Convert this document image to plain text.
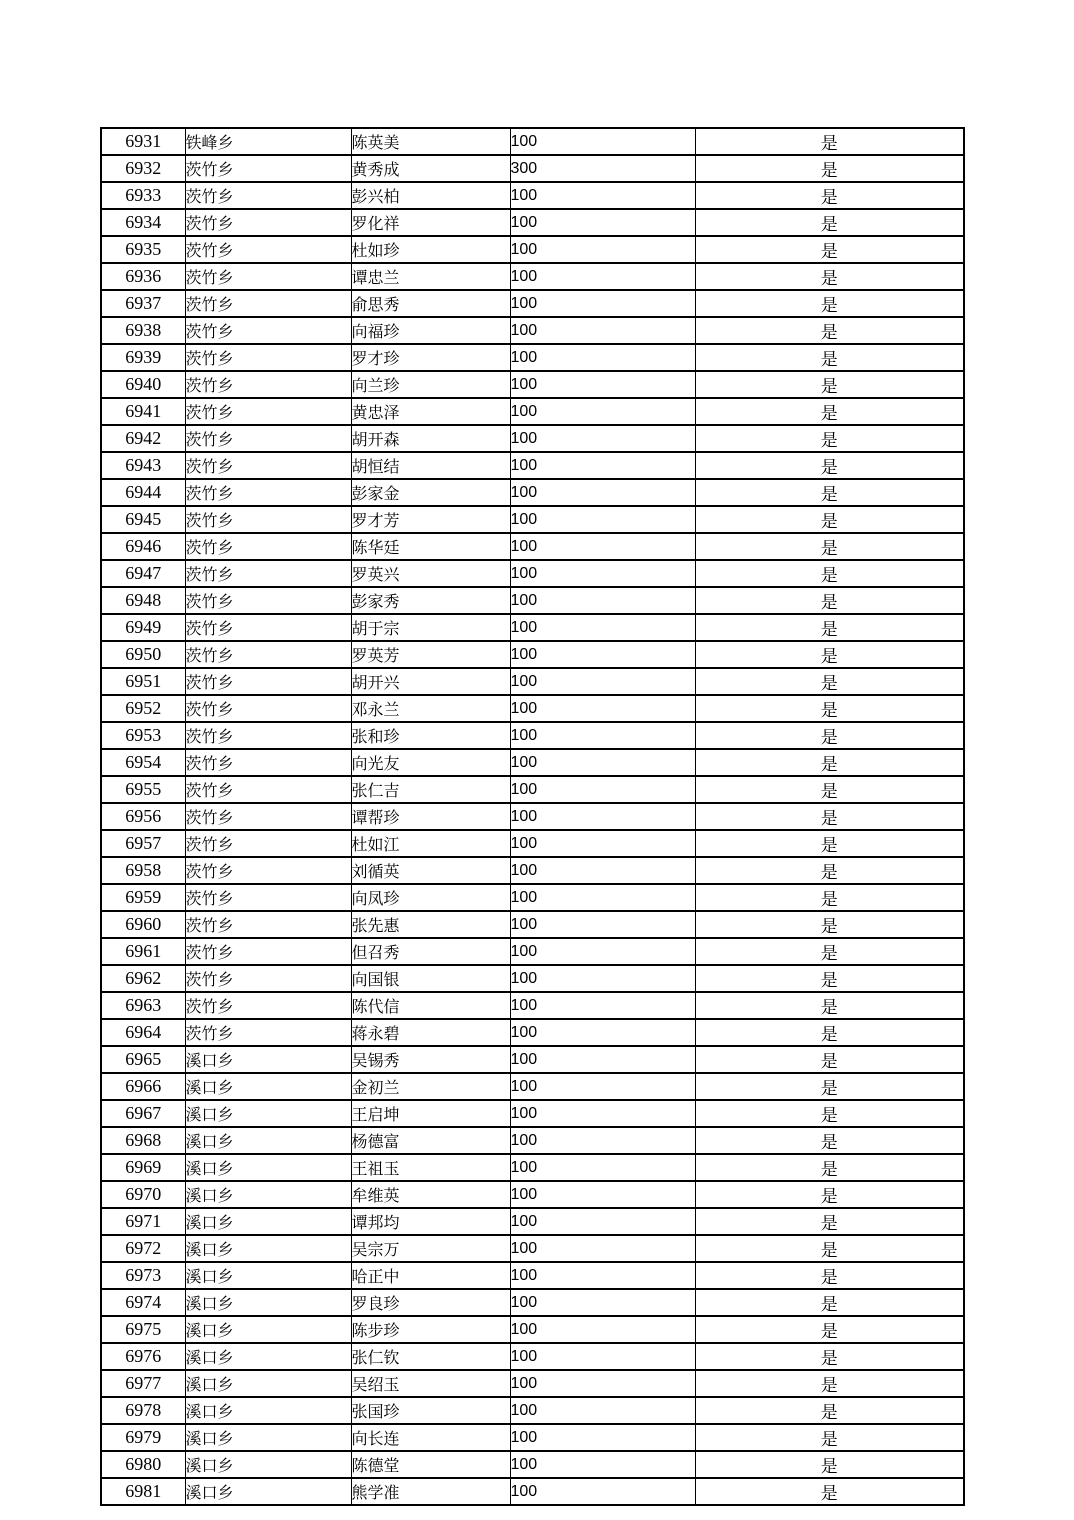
6931	铁峰乡	陈英美	100	是
6932	茨竹乡	黄秀成	300	是
6933	茨竹乡	彭兴柏	100	是
6934	茨竹乡	罗化祥	100	是
6935	茨竹乡	杜如珍	100	是
6936	茨竹乡	谭忠兰	100	是
6937	茨竹乡	俞思秀	100	是
6938	茨竹乡	向福珍	100	是
6939	茨竹乡	罗才珍	100	是
6940	茨竹乡	向兰珍	100	是
6941	茨竹乡	黄忠泽	100	是
6942	茨竹乡	胡开森	100	是
6943	茨竹乡	胡恒结	100	是
6944	茨竹乡	彭家金	100	是
6945	茨竹乡	罗才芳	100	是
6946	茨竹乡	陈华廷	100	是
6947	茨竹乡	罗英兴	100	是
6948	茨竹乡	彭家秀	100	是
6949	茨竹乡	胡于宗	100	是
6950	茨竹乡	罗英芳	100	是
6951	茨竹乡	胡开兴	100	是
6952	茨竹乡	邓永兰	100	是
6953	茨竹乡	张和珍	100	是
6954	茨竹乡	向光友	100	是
6955	茨竹乡	张仁吉	100	是
6956	茨竹乡	谭帮珍	100	是
6957	茨竹乡	杜如江	100	是
6958	茨竹乡	刘循英	100	是
6959	茨竹乡	向凤珍	100	是
6960	茨竹乡	张先惠	100	是
6961	茨竹乡	但召秀	100	是
6962	茨竹乡	向国银	100	是
6963	茨竹乡	陈代信	100	是
6964	茨竹乡	蒋永碧	100	是
6965	溪口乡	吴锡秀	100	是
6966	溪口乡	金初兰	100	是
6967	溪口乡	王启坤	100	是
6968	溪口乡	杨德富	100	是
6969	溪口乡	王祖玉	100	是
6970	溪口乡	牟维英	100	是
6971	溪口乡	谭邦均	100	是
6972	溪口乡	吴宗万	100	是
6973	溪口乡	哈正中	100	是
6974	溪口乡	罗良珍	100	是
6975	溪口乡	陈步珍	100	是
6976	溪口乡	张仁钦	100	是
6977	溪口乡	吴绍玉	100	是
6978	溪口乡	张国珍	100	是
6979	溪口乡	向长连	100	是
6980	溪口乡	陈德堂	100	是
6981	溪口乡	熊学准	100	是
